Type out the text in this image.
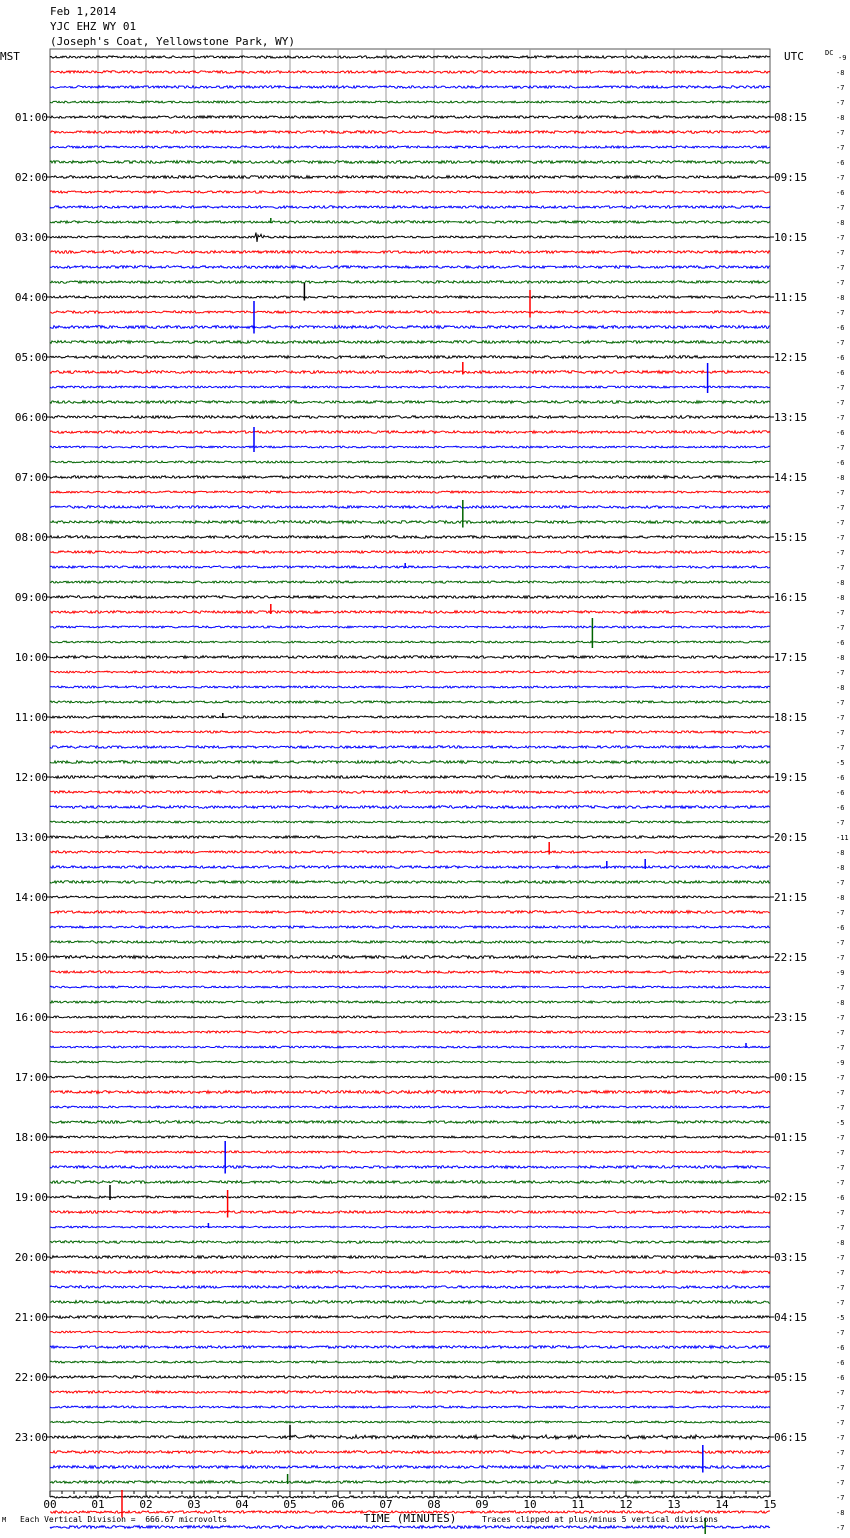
Feb 1,2014
YJC EHZ WY 01
(Joseph's Coat, Yellowstone Park, WY)
00	01	02	03	04	05	06	07	08	09	10	11	12	13	14	15
TIME (MINUTES)
MST	UTC	DC
01:00
02:00
03:00
04:00
05:00
06:00
07:00
08:00
09:00
10:00
11:00
12:00
13:00
14:00
15:00
16:00
17:00
18:00
19:00
20:00
21:00
22:00
23:00
08:15
09:15
10:15
11:15
12:15
13:15
14:15
15:15
16:15
17:15
18:15
19:15
20:15
21:15
22:15
23:15
00:15
01:15
02:15
03:15
04:15
05:15
06:15
-9
-8
-7
-7
-8
-7
-7
-6
-7
-6
-7
-8
-7
-7
-7
-7
-8
-7
-6
-7
-6
-6
-7
-7
-7
-6
-7
-6
-8
-7
-7
-7
-7
-7
-7
-8
-8
-7
-7
-6
-8
-7
-8
-7
-7
-7
-7
-5
-6
-6
-6
-7
-11
-8
-8
-7
-8
-7
-6
-7
-7
-9
-7
-8
-7
-7
-7
-9
-7
-7
-7
-5
-7
-7
-7
-7
-6
-7
-7
-8
-7
-7
-7
-7
-5
-7
-6
-6
-6
-7
-7
-7
-7
-7
-7
-7
-7
-8
-7
M Each Vertical Division =  666.67 microvolts	Traces clipped at plus/minus 5 vertical divisions
